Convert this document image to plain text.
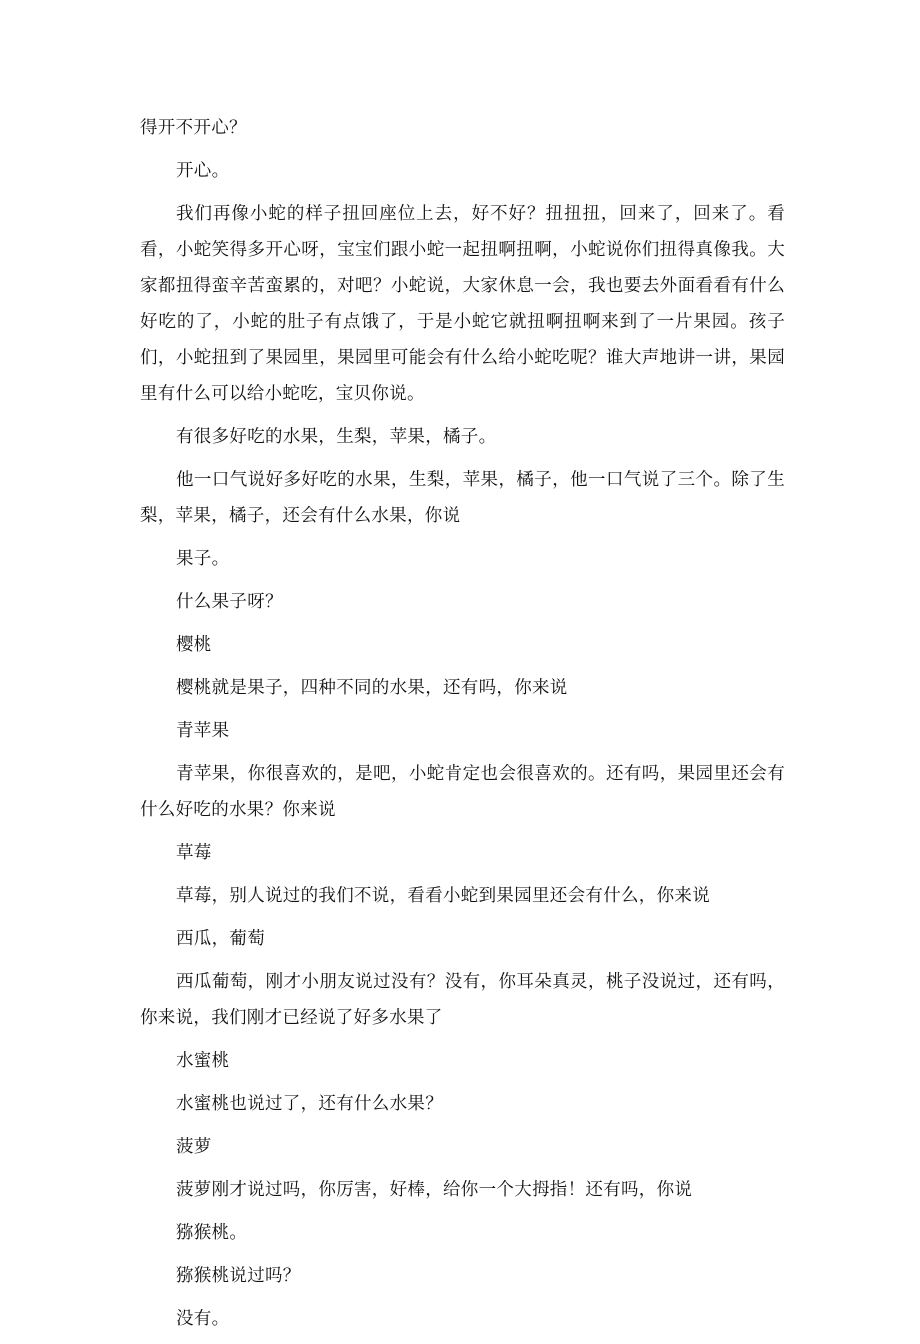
得开不开心？

开心。

我们再像小蛇的样子扭回座位上去，好不好？扭扭扭，回来了，回来了。看看，小蛇笑得多开心呀，宝宝们跟小蛇一起扭啊扭啊，小蛇说你们扭得真像我。大家都扭得蛮辛苦蛮累的，对吧？小蛇说，大家休息一会，我也要去外面看看有什么好吃的了，小蛇的肚子有点饿了，于是小蛇它就扭啊扭啊来到了一片果园。孩子们，小蛇扭到了果园里，果园里可能会有什么给小蛇吃呢？谁大声地讲一讲，果园里有什么可以给小蛇吃，宝贝你说。

有很多好吃的水果，生梨，苹果，橘子。

他一口气说好多好吃的水果，生梨，苹果，橘子，他一口气说了三个。除了生梨，苹果，橘子，还会有什么水果，你说

果子。

什么果子呀？

樱桃

樱桃就是果子，四种不同的水果，还有吗，你来说

青苹果

青苹果，你很喜欢的，是吧，小蛇肯定也会很喜欢的。还有吗，果园里还会有什么好吃的水果？你来说

草莓

草莓，别人说过的我们不说，看看小蛇到果园里还会有什么，你来说

西瓜，葡萄

西瓜葡萄，刚才小朋友说过没有？没有，你耳朵真灵，桃子没说过，还有吗，你来说，我们刚才已经说了好多水果了

水蜜桃

水蜜桃也说过了，还有什么水果？

菠萝

菠萝刚才说过吗，你厉害，好棒，给你一个大拇指！还有吗，你说

猕猴桃。

猕猴桃说过吗？

没有。
